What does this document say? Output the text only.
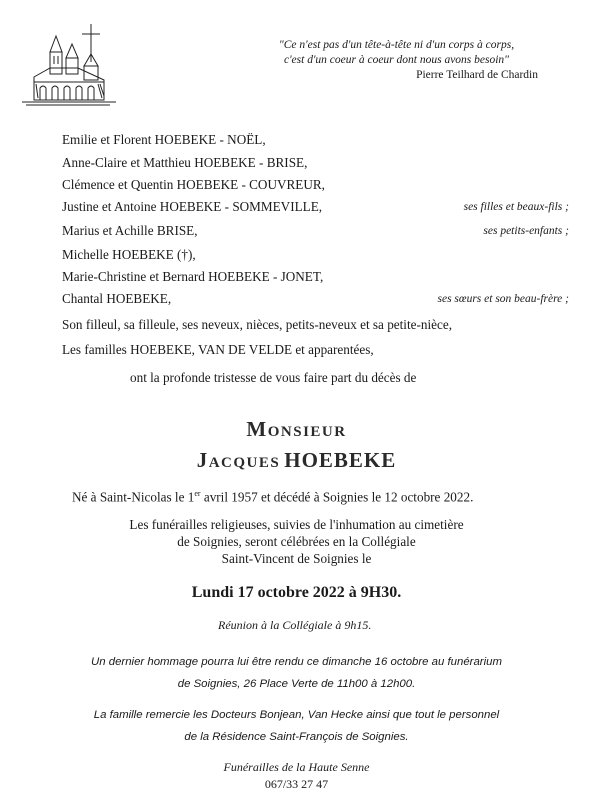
"Ce n'est pas d'un tête-à-tête ni d'un corps à corps,
c'est d'un coeur à coeur dont nous avons besoin"
Pierre Teilhard de Chardin
Emilie et Florent HOEBEKE - NOËL,
Anne-Claire et Matthieu HOEBEKE - BRISE,
Clémence et Quentin HOEBEKE - COUVREUR,
Justine et Antoine HOEBEKE - SOMMEVILLE,	ses filles et beaux-fils ;
Marius et Achille BRISE,	ses petits-enfants ;
Michelle HOEBEKE (†),
Marie-Christine et Bernard HOEBEKE - JONET,
Chantal HOEBEKE,	ses sœurs et son beau-frère ;
Son filleul, sa filleule, ses neveux, nièces, petits-neveux et sa petite-nièce,
Les familles HOEBEKE, VAN DE VELDE et apparentées,
ont la profonde tristesse de vous faire part du décès de
Monsieur
Jacques HOEBEKE
Né à Saint-Nicolas le 1er avril 1957 et décédé à Soignies le 12 octobre 2022.
Les funérailles religieuses, suivies de l'inhumation au cimetière
de Soignies, seront célébrées en la Collégiale
Saint-Vincent de Soignies le
Lundi 17 octobre 2022 à 9H30.
Réunion à la Collégiale à 9h15.
Un dernier hommage pourra lui être rendu ce dimanche 16 octobre au funérarium
de Soignies, 26 Place Verte de 11h00 à 12h00.
La famille remercie les Docteurs Bonjean, Van Hecke ainsi que tout le personnel
de la Résidence Saint-François de Soignies.
Funérailles de la Haute Senne
067/33 27 47
